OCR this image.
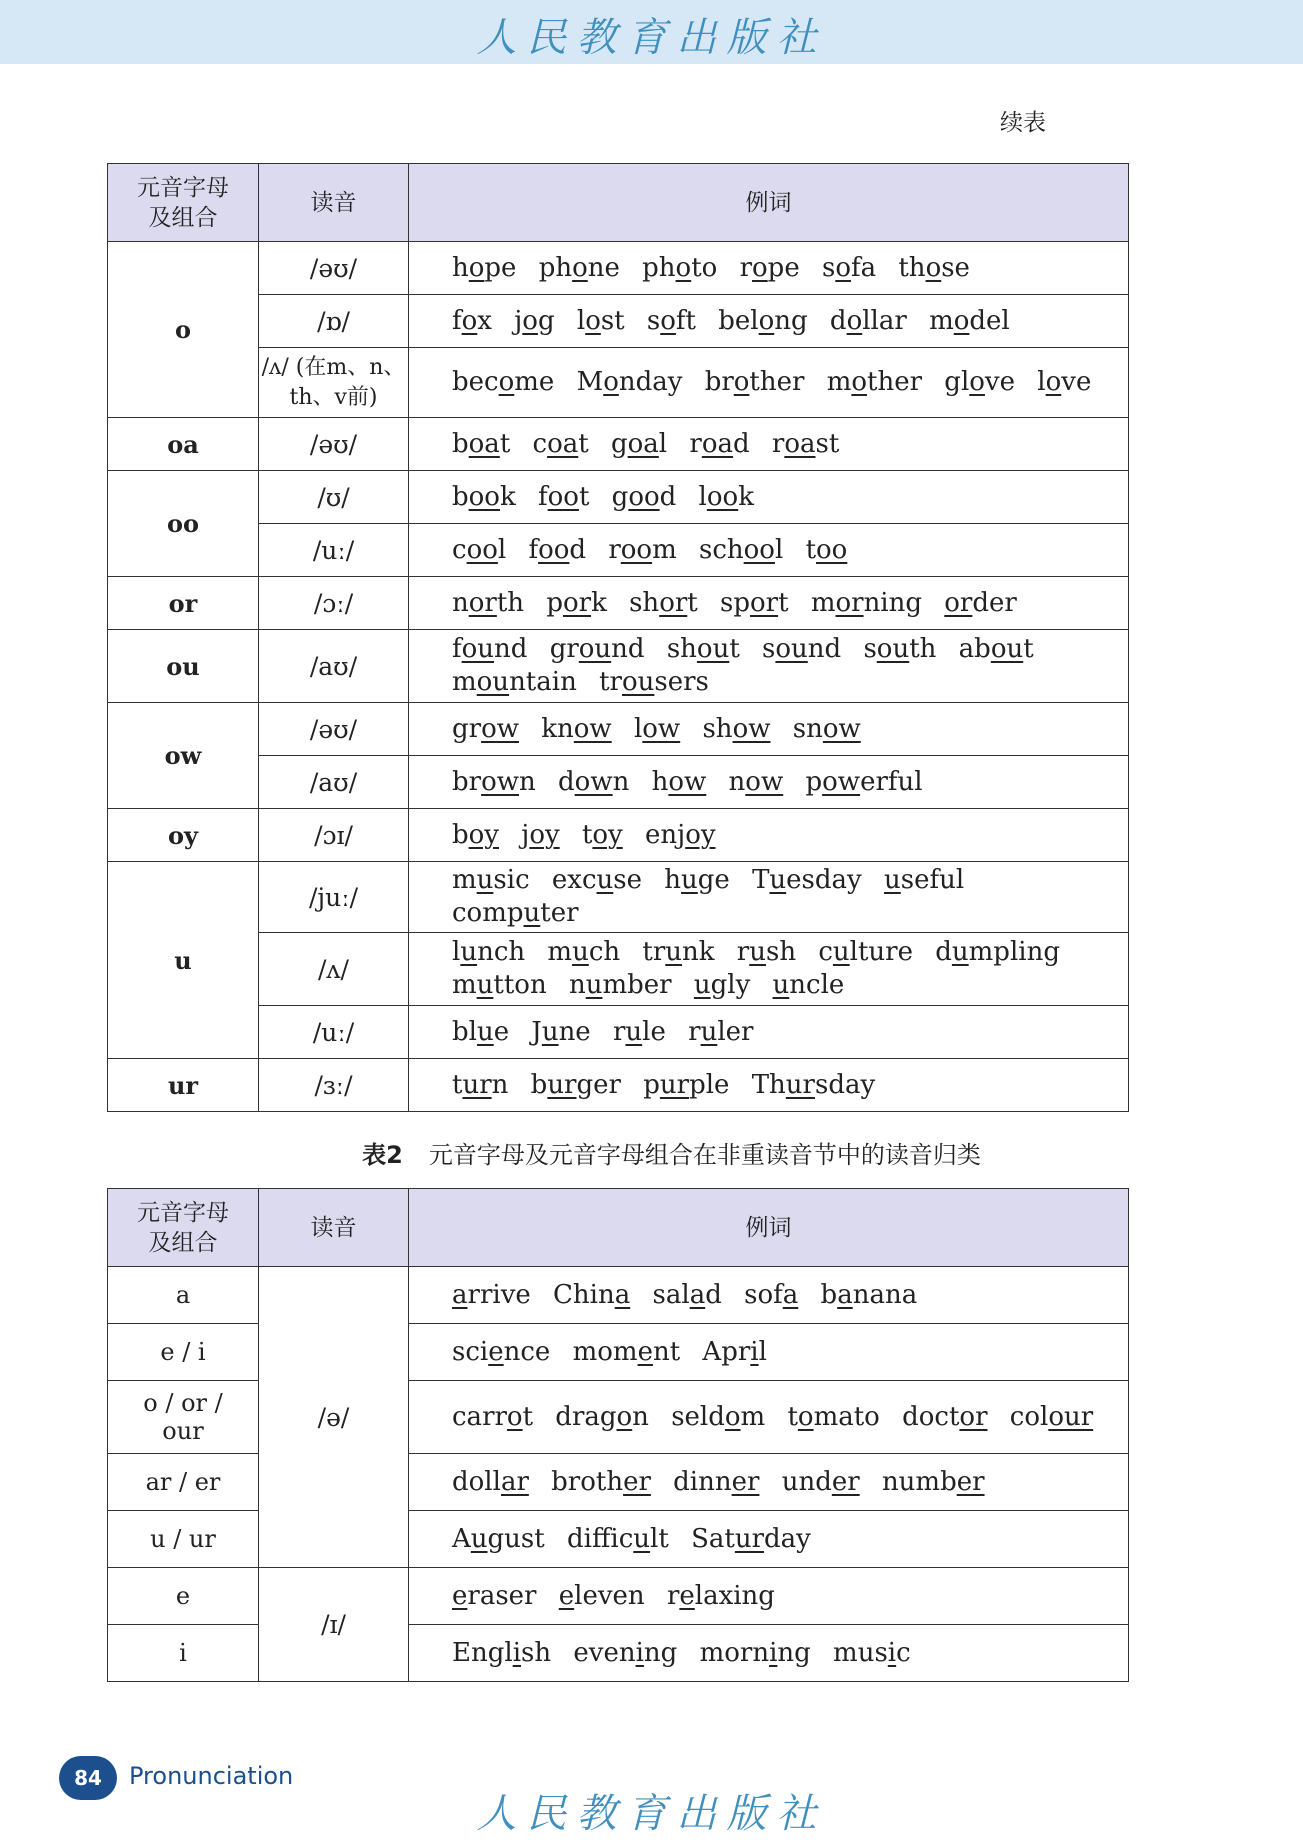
人民教育出版社
续表
元音字母及组合	读音	例词
o	/əʊ/	hope phone photo rope sofa those
	/ɒ/	fox jog lost soft belong dollar model
	/ʌ/ (在m、n、th、v前)	become Monday brother mother glove love
oa	/əʊ/	boat coat goal road roast
oo	/ʊ/	book foot good look
	/uː/	cool food room school too
or	/ɔː/	north pork short sport morning order
ou	/aʊ/	found ground shout sound south about mountain trousers
ow	/əʊ/	grow know low show snow
	/aʊ/	brown down how now powerful
oy	/ɔɪ/	boy joy toy enjoy
u	/juː/	music excuse huge Tuesday useful computer
	/ʌ/	lunch much trunk rush culture dumpling mutton number ugly uncle
	/uː/	blue June rule ruler
ur	/ɜː/	turn burger purple Thursday
表2 元音字母及元音字母组合在非重读音节中的读音归类
元音字母及组合	读音	例词
a	/ə/	arrive China salad sofa banana
e / i		science moment April
o / or / our		carrot dragon seldom tomato doctor colour
ar / er		dollar brother dinner under number
u / ur		August difficult Saturday
e	/ɪ/	eraser eleven relaxing
i		English evening morning music
84	Pronunciation
人民教育出版社
